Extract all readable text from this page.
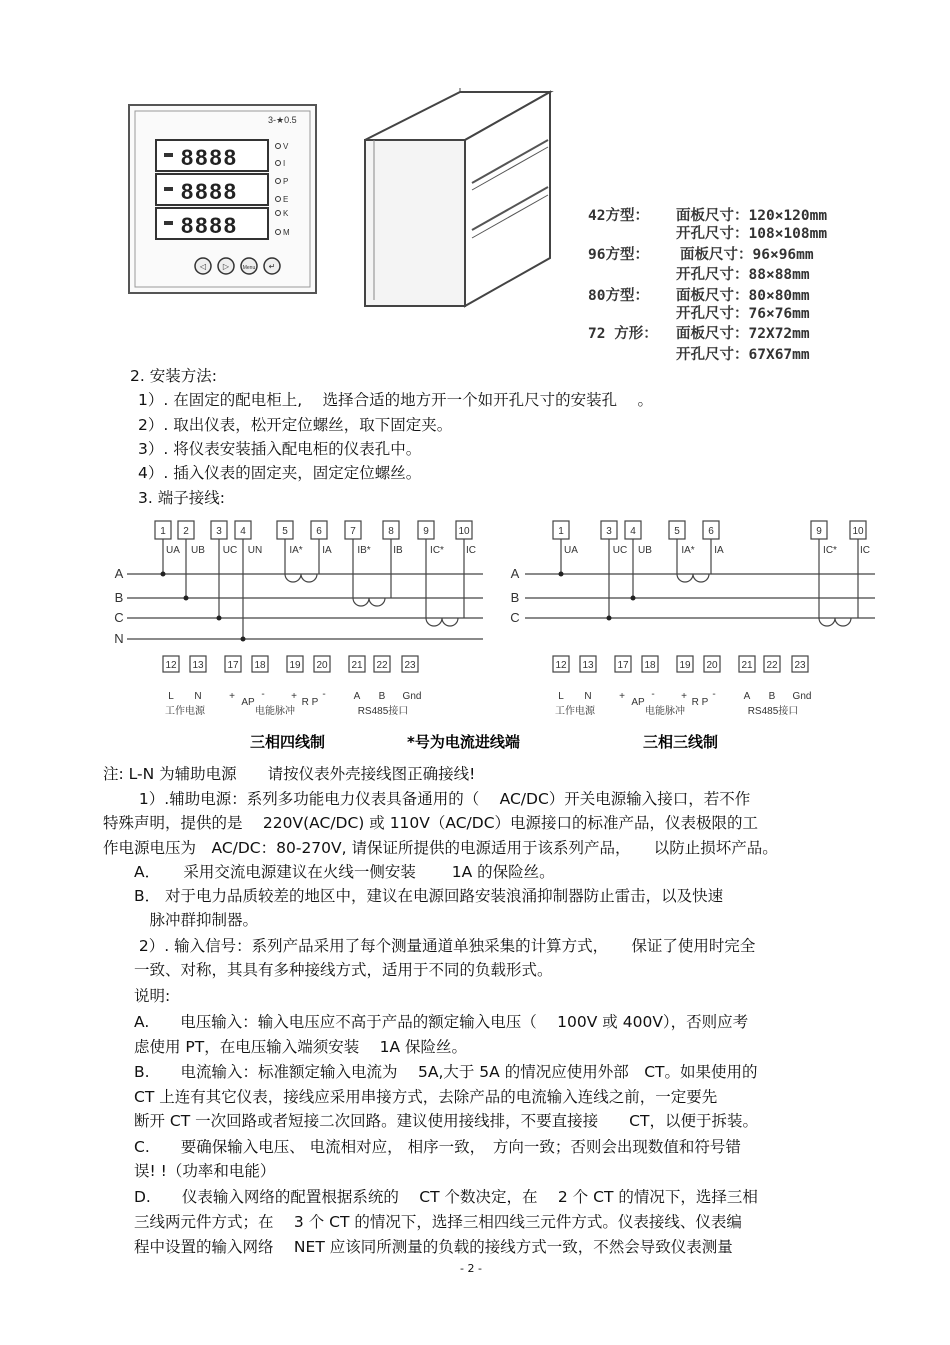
3-★0.5
8888
8888
8888
V
I
P
E
K
M
◁ ▷	Menu ↵
42方型： 面板尺寸：120×120mm
开孔尺寸：108×108mm
96方型： 面板尺寸：96×96mm
开孔尺寸：88×88mm
80方型： 面板尺寸：80×80mm
开孔尺寸：76×76mm
72 方形： 面板尺寸：72X72mm
开孔尺寸：67X67mm
2. 安装方法:
1）. 在固定的配电柜上,　 选择合适的地方开一个如开孔尺寸的安装孔　 。
2）. 取出仪表，松开定位螺丝，取下固定夹。
3）. 将仪表安装插入配电柜的仪表孔中。
4）. 插入仪表的固定夹，固定定位螺丝。
3. 端子接线:
1 2	3 4	5	6	7	8	9	10
UA UB UC UN	IA* IA	IB* IB	IC* IC
A
B
C
N
12 13 17 18 19 20 21 22 23
L N	+	-	+	-	A B Gnd
AP	R P
工作电源	电能脉冲	RS485接口
1	3 4	5	6	9	10
UA	UC UB	IA* IA	IC* IC
A
B
C
12 13 17 18 19 20 21 22 23
L N	+	-	+	-	A B Gnd
AP	R P
工作电源	电能脉冲	RS485接口
三相四线制	*号为电流进线端	三相三线制
注: L-N 为辅助电源　　请按仪表外壳接线图正确接线!
　　 1）.辅助电源：系列多功能电力仪表具备通用的（　 AC/DC）开关电源输入接口，若不作
特殊声明，提供的是　 220V(AC/DC) 或 110V（AC/DC）电源接口的标准产品，仪表极限的工
作电源电压为　AC/DC：80-270V, 请保证所提供的电源适用于该系列产品，　　以防止损坏产品。
　　A．　　采用交流电源建议在火线一侧安装　　 1A 的保险丝。
　　B． 对于电力品质较差的地区中，建议在电源回路安装浪涌抑制器防止雷击，以及快速
　　　脉冲群抑制器。
　　 2）. 输入信号：系列产品采用了每个测量通道单独采集的计算方式，　　保证了使用时完全
　　一致、对称，其具有多种接线方式，适用于不同的负载形式。
　　说明:
　　A.　　电压输入：输入电压应不高于产品的额定输入电压（　 100V 或 400V），否则应考
　　虑使用 PT，在电压输入端须安装　 1A 保险丝。
　　B.　　电流输入：标准额定输入电流为　 5A,大于 5A 的情况应使用外部　CT。如果使用的
　　CT 上连有其它仪表，接线应采用串接方式，去除产品的电流输入连线之前，一定要先
　　断开 CT 一次回路或者短接二次回路。建议使用接线排，不要直接接　　CT，以便于拆装。
　　C.　　要确保输入电压、 电流相对应， 相序一致，　方向一致；否则会出现数值和符号错
　　误! !（功率和电能）
　　D.　　仪表输入网络的配置根据系统的　 CT 个数决定，在　 2 个 CT 的情况下，选择三相
　　三线两元件方式；在　 3 个 CT 的情况下，选择三相四线三元件方式。仪表接线、仪表编
　　程中设置的输入网络　 NET 应该同所测量的负载的接线方式一致，不然会导致仪表测量
- 2 -
